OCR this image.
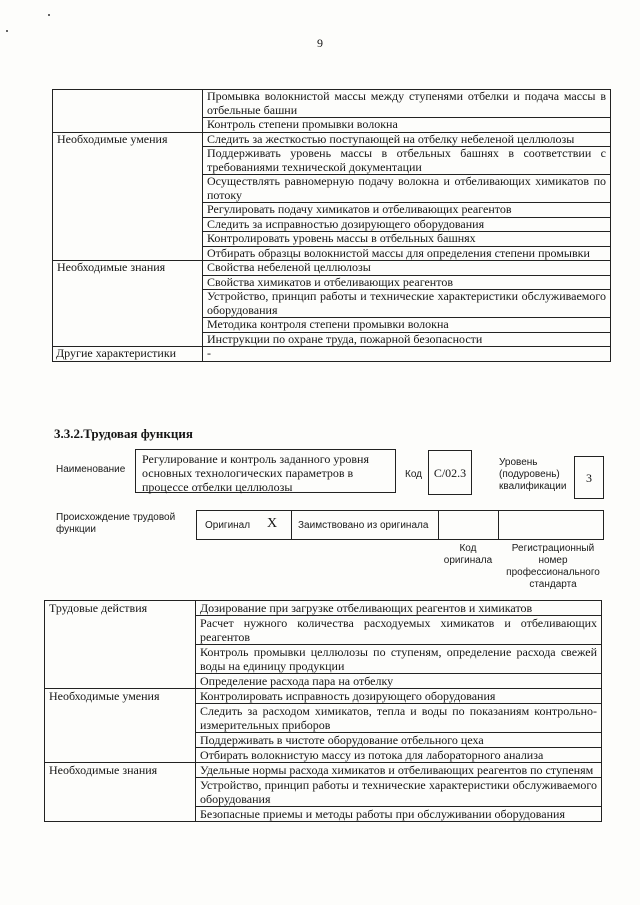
9
	Промывка волокнистой массы между ступенями отбелки и подача массы в отбельные башни
	Контроль степени промывки волокна
Необходимые умения	Следить за жесткостью поступающей на отбелку небеленой целлюлозы
	Поддерживать уровень массы в отбельных башнях в соответствии с требованиями технической документации
	Осуществлять равномерную подачу волокна и отбеливающих химикатов по потоку
	Регулировать подачу химикатов и отбеливающих реагентов
	Следить за исправностью дозирующего оборудования
	Контролировать уровень массы в отбельных башнях
	Отбирать образцы волокнистой массы для определения степени промывки
Необходимые знания	Свойства небеленой целлюлозы
	Свойства химикатов и отбеливающих реагентов
	Устройство, принцип работы и технические характеристики обслуживаемого оборудования
	Методика контроля степени промывки волокна
	Инструкции по охране труда, пожарной безопасности
Другие характеристики	-
3.3.2.Трудовая функция
Наименование
Регулирование и контроль заданного уровня основных технологических параметров в процессе отбелки целлюлозы
Код C/02.3
Уровень (подуровень) квалификации
3
Происхождение трудовой функции	Оригинал X Заимствовано из оригинала
Код оригинала
Регистрационный номер профессионального стандарта
Трудовые действия	Дозирование при загрузке отбеливающих реагентов и химикатов
	Расчет нужного количества расходуемых химикатов и отбеливающих реагентов
	Контроль промывки целлюлозы по ступеням, определение расхода свежей воды на единицу продукции
	Определение расхода пара на отбелку
Необходимые умения	Контролировать исправность дозирующего оборудования
	Следить за расходом химикатов, тепла и воды по показаниям контрольно-измерительных приборов
	Поддерживать в чистоте оборудование отбельного цеха
	Отбирать волокнистую массу из потока для лабораторного анализа
Необходимые знания	Удельные нормы расхода химикатов и отбеливающих реагентов по ступеням
	Устройство, принцип работы и технические характеристики обслуживаемого оборудования
	Безопасные приемы и методы работы при обслуживании оборудования
